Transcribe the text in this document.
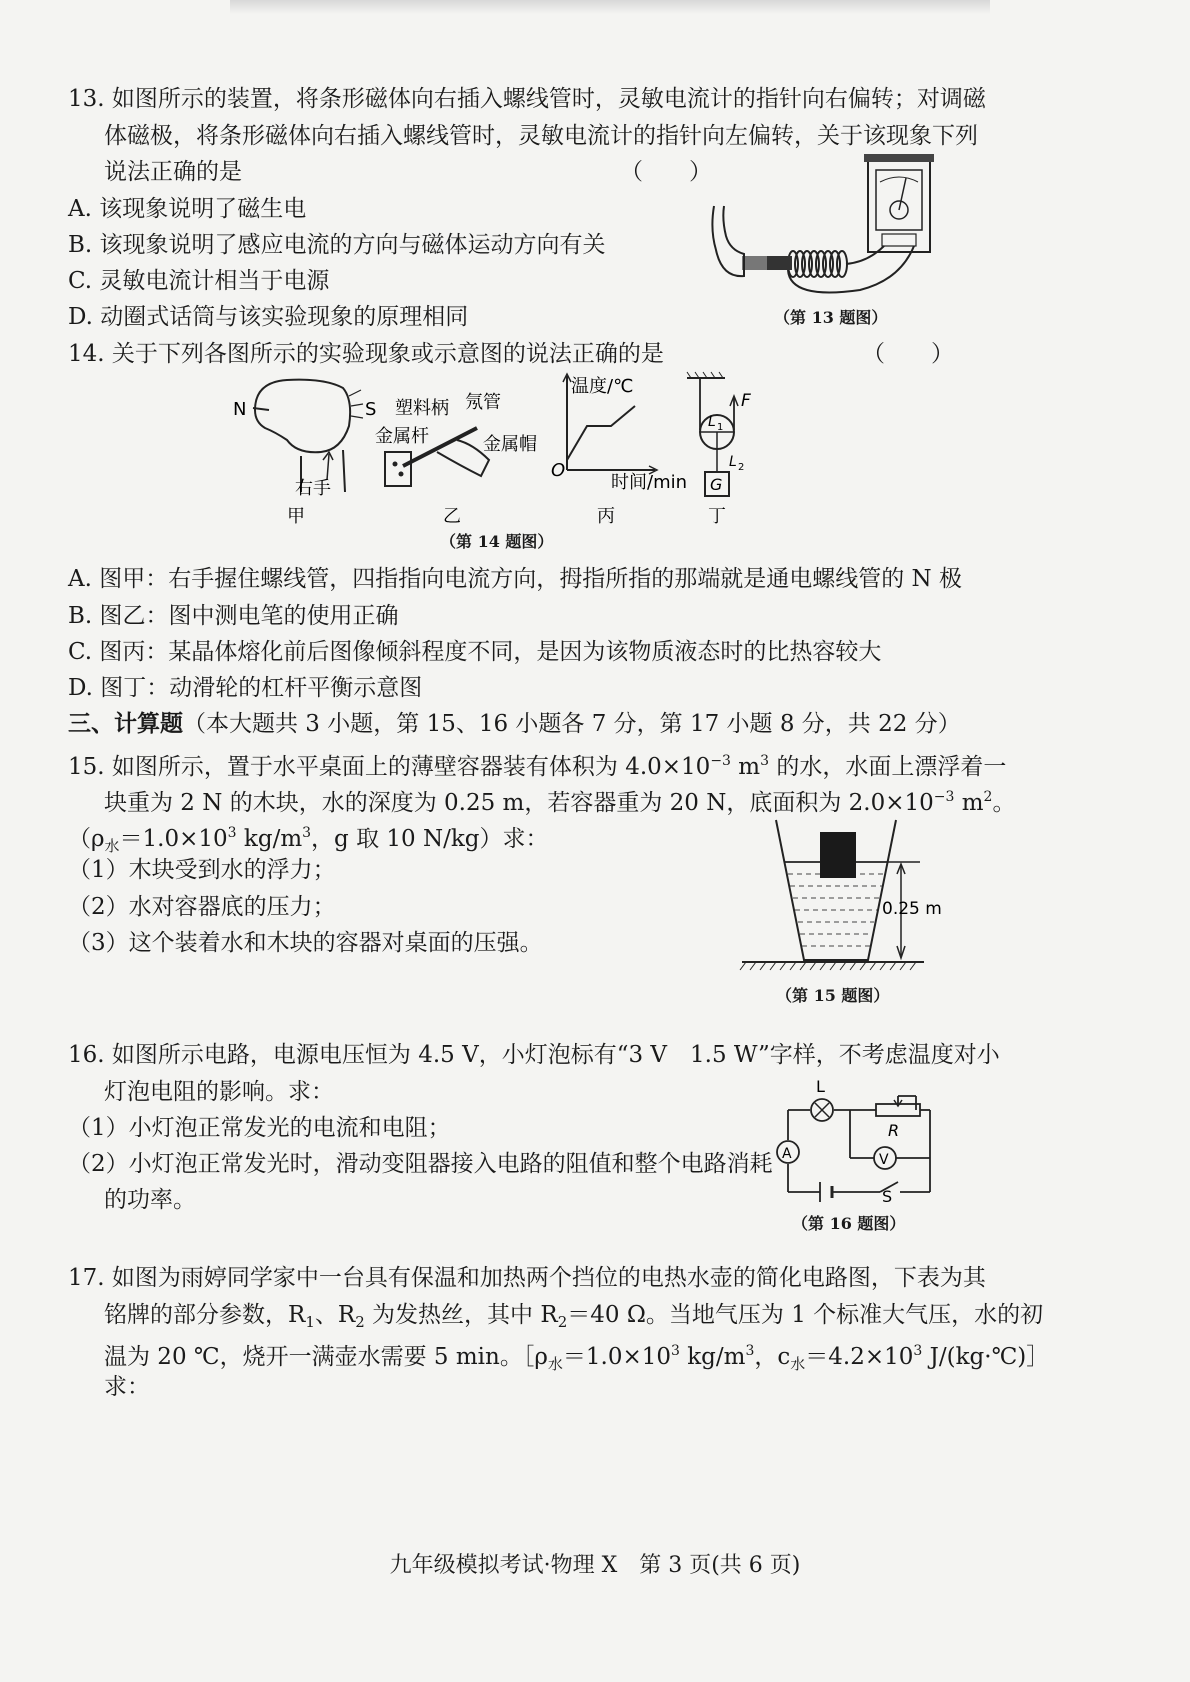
13. 如图所示的装置，将条形磁体向右插入螺线管时，灵敏电流计的指针向右偏转；对调磁
体磁极，将条形磁体向右插入螺线管时，灵敏电流计的指针向左偏转，关于该现象下列
说法正确的是	（　　）
A. 该现象说明了磁生电
B. 该现象说明了感应电流的方向与磁体运动方向有关
C. 灵敏电流计相当于电源
D. 动圈式话筒与该实验现象的原理相同	（第 13 题图）
14. 关于下列各图所示的实验现象或示意图的说法正确的是	（　　）
N	S
右手
甲
塑料柄 氖管
金属杆	金属帽
乙
温度/℃
时间/min
O
丙
F
L 1
L 2
G
丁
（第 14 题图）
A. 图甲：右手握住螺线管，四指指向电流方向，拇指所指的那端就是通电螺线管的 N 极
B. 图乙：图中测电笔的使用正确
C. 图丙：某晶体熔化前后图像倾斜程度不同，是因为该物质液态时的比热容较大
D. 图丁：动滑轮的杠杆平衡示意图
三、计算题（本大题共 3 小题，第 15、16 小题各 7 分，第 17 小题 8 分，共 22 分）
15. 如图所示，置于水平桌面上的薄壁容器装有体积为 $4.0\times 10^{-3}$ $m^3$ 的水，水面上漂浮着一
块重为 2 N 的木块，水的深度为 0.25 m，若容器重为 20 N，底面积为 $2.0\times 10^{-3}$ $m^2$。
（$\rho_水=1.0\times 10^3$ $kg/m^3$，g 取 10 N/kg）求：
（1）木块受到水的浮力；
（2）水对容器底的压力；
（3）这个装着水和木块的容器对桌面的压强。
0.25 m
（第 15 题图）
16. 如图所示电路，电源电压恒为 4.5 V，小灯泡标有“3 V　1.5 W”字样，不考虑温度对小
灯泡电阻的影响。求：
（1）小灯泡正常发光的电流和电阻；
（2）小灯泡正常发光时，滑动变阻器接入电路的阻值和整个电路消耗
的功率。
L
R
V
A
S
（第 16 题图）
17. 如图为雨婷同学家中一台具有保温和加热两个挡位的电热水壶的简化电路图，下表为其
铭牌的部分参数，$R_1$、$R_2$ 为发热丝，其中 $R_2=40$ Ω。当地气压为 1 个标准大气压，水的初
温为 20 ℃，烧开一满壶水需要 5 min。$[\rho_水=1.0\times 10^3$ $kg/m^3$，$c_水=4.2\times 10^3$ J/(kg·℃)］
求：
九年级模拟考试·物理 X　第 3 页(共 6 页)
